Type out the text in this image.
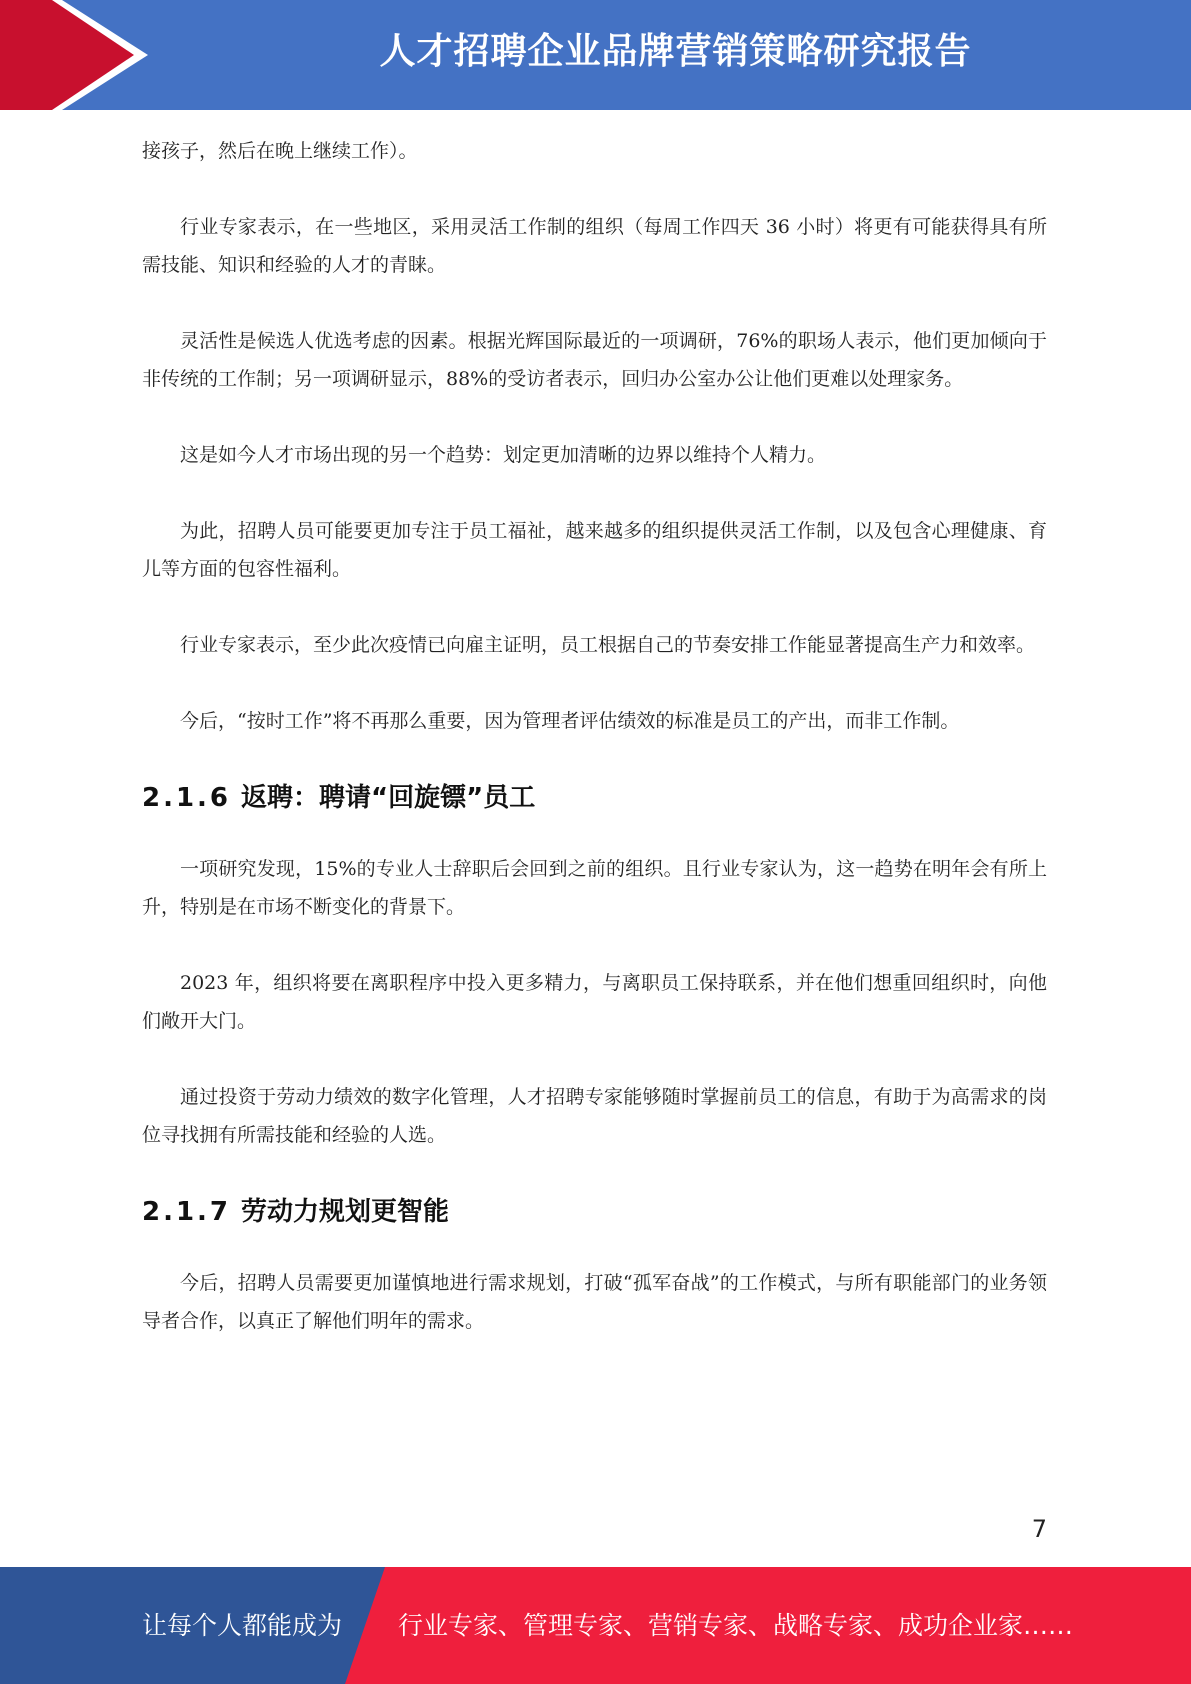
人才招聘企业品牌营销策略研究报告

接孩子，然后在晚上继续工作）。

行业专家表示，在一些地区，采用灵活工作制的组织（每周工作四天 36 小时）将更有可能获得具有所需技能、知识和经验的人才的青睐。

灵活性是候选人优选考虑的因素。根据光辉国际最近的一项调研，76%的职场人表示，他们更加倾向于非传统的工作制；另一项调研显示，88%的受访者表示，回归办公室办公让他们更难以处理家务。

这是如今人才市场出现的另一个趋势：划定更加清晰的边界以维持个人精力。

为此，招聘人员可能要更加专注于员工福祉，越来越多的组织提供灵活工作制，以及包含心理健康、育儿等方面的包容性福利。

行业专家表示，至少此次疫情已向雇主证明，员工根据自己的节奏安排工作能显著提高生产力和效率。

今后，“按时工作”将不再那么重要，因为管理者评估绩效的标准是员工的产出，而非工作制。

2.1.6 返聘：聘请“回旋镖”员工

一项研究发现，15%的专业人士辞职后会回到之前的组织。且行业专家认为，这一趋势在明年会有所上升，特别是在市场不断变化的背景下。

2023 年，组织将要在离职程序中投入更多精力，与离职员工保持联系，并在他们想重回组织时，向他们敞开大门。

通过投资于劳动力绩效的数字化管理，人才招聘专家能够随时掌握前员工的信息，有助于为高需求的岗位寻找拥有所需技能和经验的人选。

2.1.7 劳动力规划更智能

今后，招聘人员需要更加谨慎地进行需求规划，打破“孤军奋战”的工作模式，与所有职能部门的业务领导者合作，以真正了解他们明年的需求。

7
让每个人都能成为 行业专家、管理专家、营销专家、战略专家、成功企业家……
